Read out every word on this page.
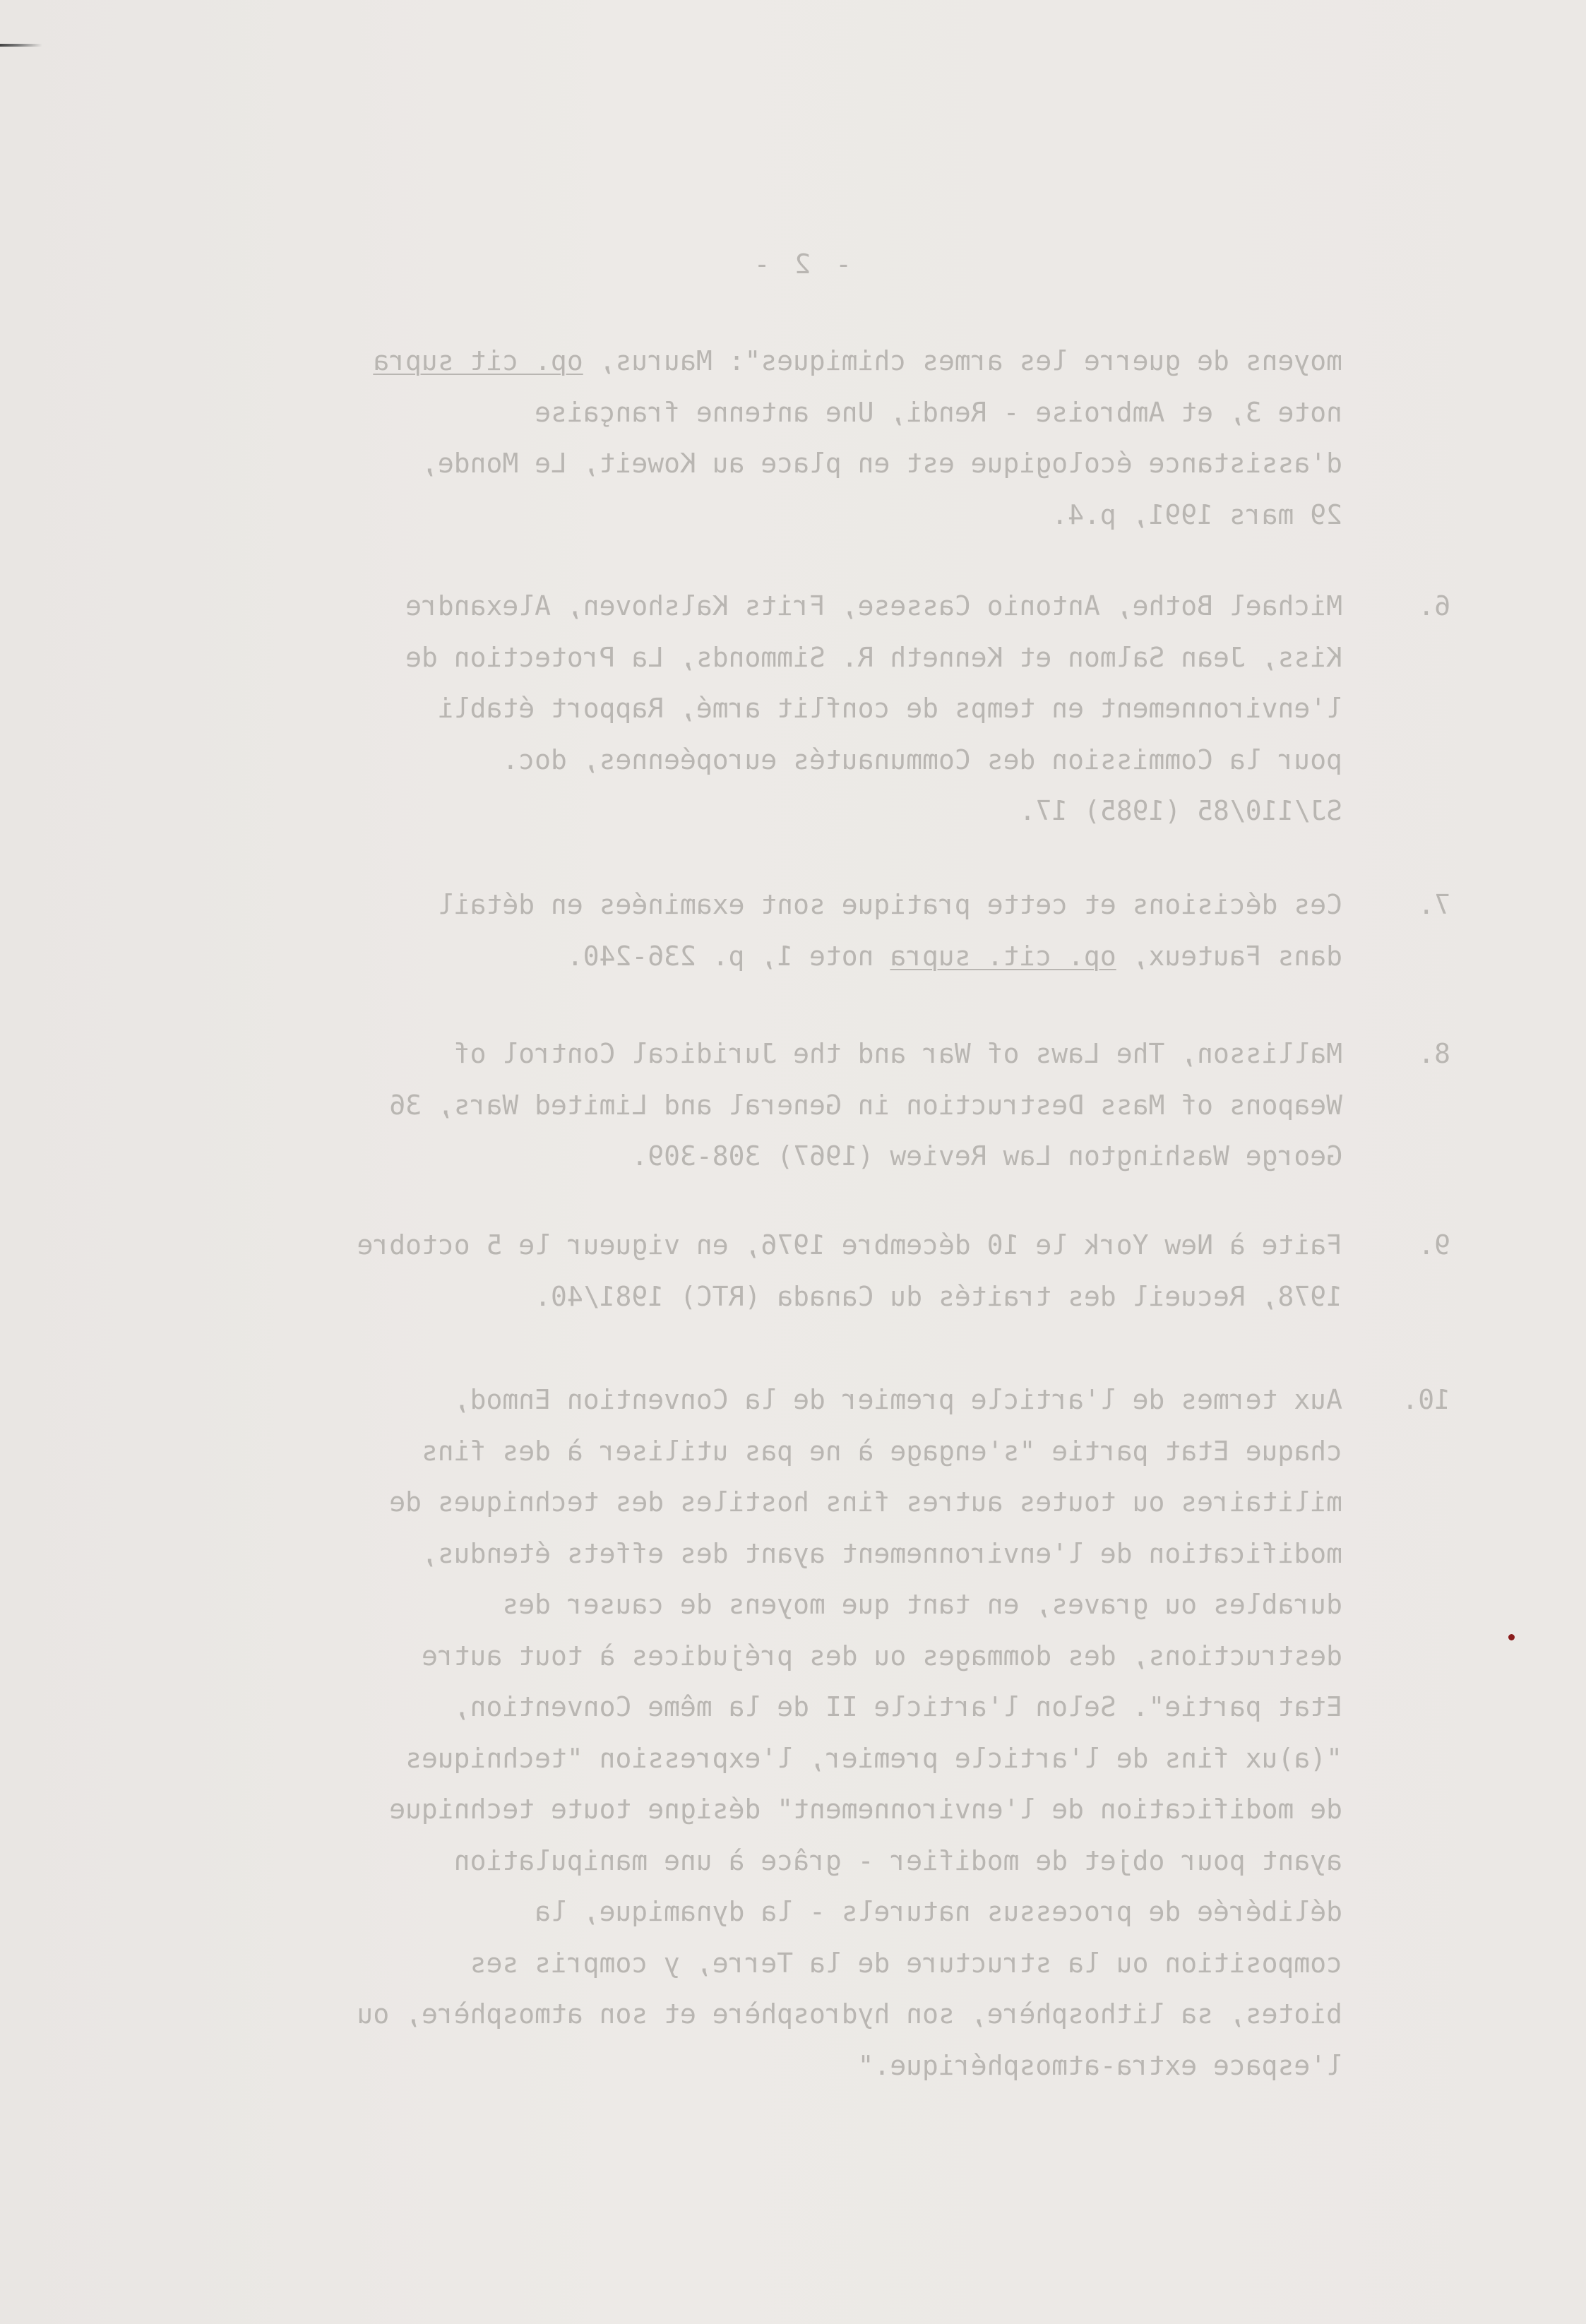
- 2 -
moyens de guerre les armes chimiques": Maurus, op. cit supra
note 3, et Ambroise - Rendi, Une antenne française
d'assistance écologique est en place au Koweit, Le Monde,
29 mars 1991, p.4.
6.
Michael Bothe, Antonio Cassese, Frits Kalshoven, Alexandre
Kiss, Jean Salmon et Kenneth R. Simmonds, La Protection de
l'environnement en temps de conflit armé, Rapport établi
pour la Commission des Communautés européennes, doc.
SJ/110/85 (1985) 17.
7.
Ces décisions et cette pratique sont examinées en détail
dans Fauteux, op. cit. supra note 1, p. 236-240.
8.
Mallisson, The Laws of War and the Juridical Control of
Weapons of Mass Destruction in General and Limited Wars, 36
George Washington Law Review (1967) 308-309.
9.
Faite à New York le 10 décembre 1976, en vigueur le 5 octobre
1978, Recueil des traités du Canada (RTC) 1981/40.
10.
Aux termes de l'article premier de la Convention Enmod,
chaque Etat partie "s'engage à ne pas utiliser à des fins
militaires ou toutes autres fins hostiles des techniques de
modification de l'environnement ayant des effets étendus,
durables ou graves, en tant que moyens de causer des
destructions, des dommages ou des préjudices à tout autre
Etat partie". Selon l'article II de la même Convention,
"(a)ux fins de l'article premier, l'expression "techniques
de modification de l'environnement" désigne toute technique
ayant pour objet de modifier - grâce à une manipulation
délibérée de processus naturels - la dynamique, la
composition ou la structure de la Terre, y compris ses
biotes, sa lithosphère, son hydrosphère et son atmosphère, ou
l'espace extra-atmosphérique."
